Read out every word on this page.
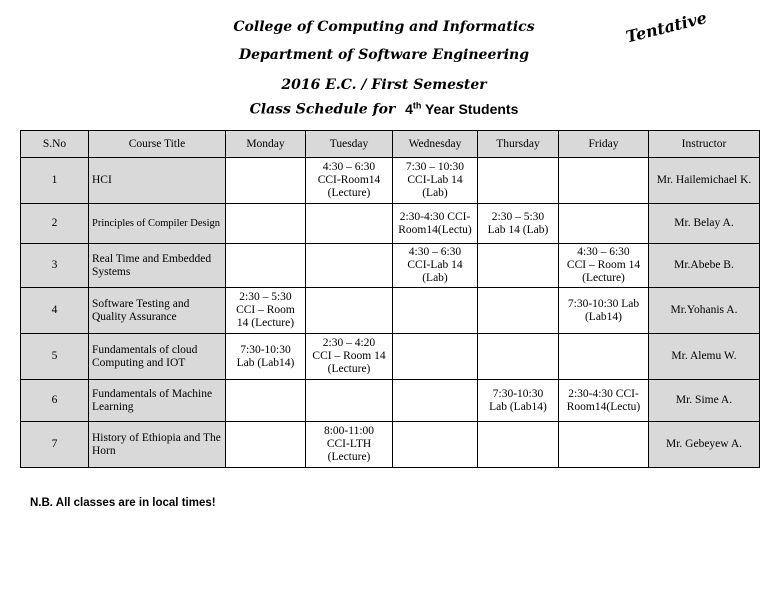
College of Computing and Informatics
Department of Software Engineering
2016 E.C. / First Semester
Class Schedule for 4th Year Students
Tentative
S.No	Course Title	Monday	Tuesday	Wednesday	Thursday	Friday	Instructor
1	HCI		4:30 – 6:30
CCI-Room14
(Lecture)	7:30 – 10:30
CCI-Lab 14
(Lab)			Mr. Hailemichael K.
2	Principles of Compiler Design			2:30-4:30 CCI-
Room14(Lectu)	2:30 – 5:30
Lab 14 (Lab)		Mr. Belay A.
3	Real Time and Embedded Systems			4:30 – 6:30
CCI-Lab 14
(Lab)		4:30 – 6:30
CCI – Room 14
(Lecture)	Mr.Abebe B.
4	Software Testing and Quality Assurance	2:30 – 5:30
CCI – Room
14 (Lecture)				7:30-10:30 Lab
(Lab14)	Mr.Yohanis A.
5	Fundamentals of cloud Computing and IOT	7:30-10:30
Lab (Lab14)	2:30 – 4:20
CCI – Room 14
(Lecture)				Mr. Alemu W.
6	Fundamentals of Machine Learning				7:30-10:30
Lab (Lab14)	2:30-4:30 CCI-
Room14(Lectu)	Mr. Sime A.
7	History of Ethiopia and The Horn		8:00-11:00
CCI-LTH
(Lecture)				Mr. Gebeyew A.
N.B. All classes are in local times!
